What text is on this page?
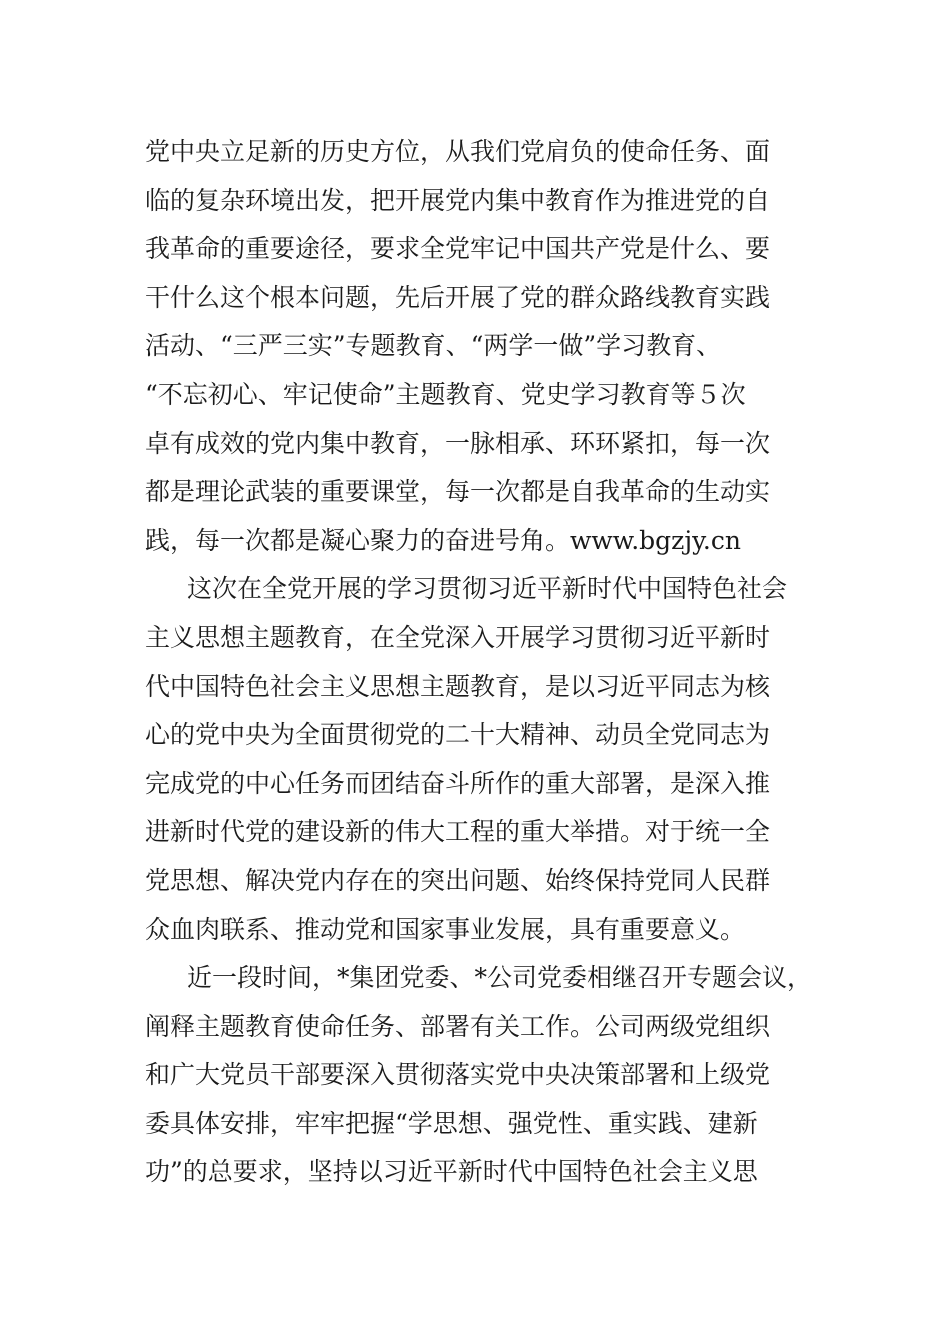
党中央立足新的历史方位，从我们党肩负的使命任务、面
临的复杂环境出发，把开展党内集中教育作为推进党的自
我革命的重要途径，要求全党牢记中国共产党是什么、要
干什么这个根本问题，先后开展了党的群众路线教育实践
活动、“三严三实”专题教育、“两学一做”学习教育、
“不忘初心、牢记使命”主题教育、党史学习教育等５次
卓有成效的党内集中教育，一脉相承、环环紧扣，每一次
都是理论武装的重要课堂，每一次都是自我革命的生动实
践，每一次都是凝心聚力的奋进号角。www.bgzjy.cn
这次在全党开展的学习贯彻习近平新时代中国特色社会
主义思想主题教育，在全党深入开展学习贯彻习近平新时
代中国特色社会主义思想主题教育，是以习近平同志为核
心的党中央为全面贯彻党的二十大精神、动员全党同志为
完成党的中心任务而团结奋斗所作的重大部署，是深入推
进新时代党的建设新的伟大工程的重大举措。对于统一全
党思想、解决党内存在的突出问题、始终保持党同人民群
众血肉联系、推动党和国家事业发展，具有重要意义。
近一段时间，*集团党委、*公司党委相继召开专题会议，
阐释主题教育使命任务、部署有关工作。公司两级党组织
和广大党员干部要深入贯彻落实党中央决策部署和上级党
委具体安排，牢牢把握“学思想、强党性、重实践、建新
功”的总要求，坚持以习近平新时代中国特色社会主义思
